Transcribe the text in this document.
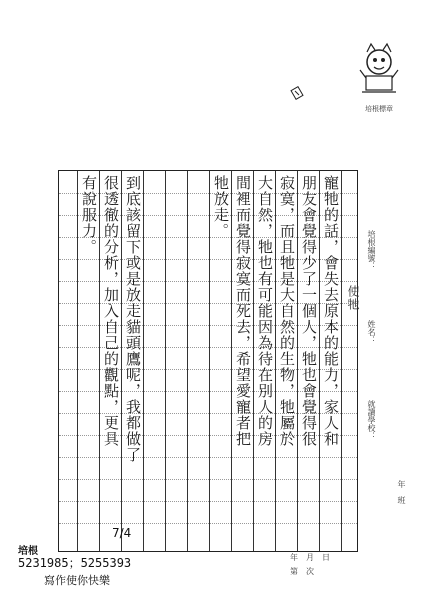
培根標章
寵牠的話，會失去原本的能力，家人和
朋友會覺得少了一個人，牠也會覺得很
寂寞，而且牠是大自然的生物，牠屬於
大自然，牠也有可能因為待在別人的房
間裡而覺得寂寞而死去，希望愛寵者把
牠放走。
到底該留下或是放走貓頭鷹呢，我都做了
很透徹的分析，加入自己的觀點，更具
有說服力。
使牠
培根編號：
姓名：
就讀學校：
年　班
年　月　日
第　次
7/4
培根
5231985；5255393
寫作使你快樂
